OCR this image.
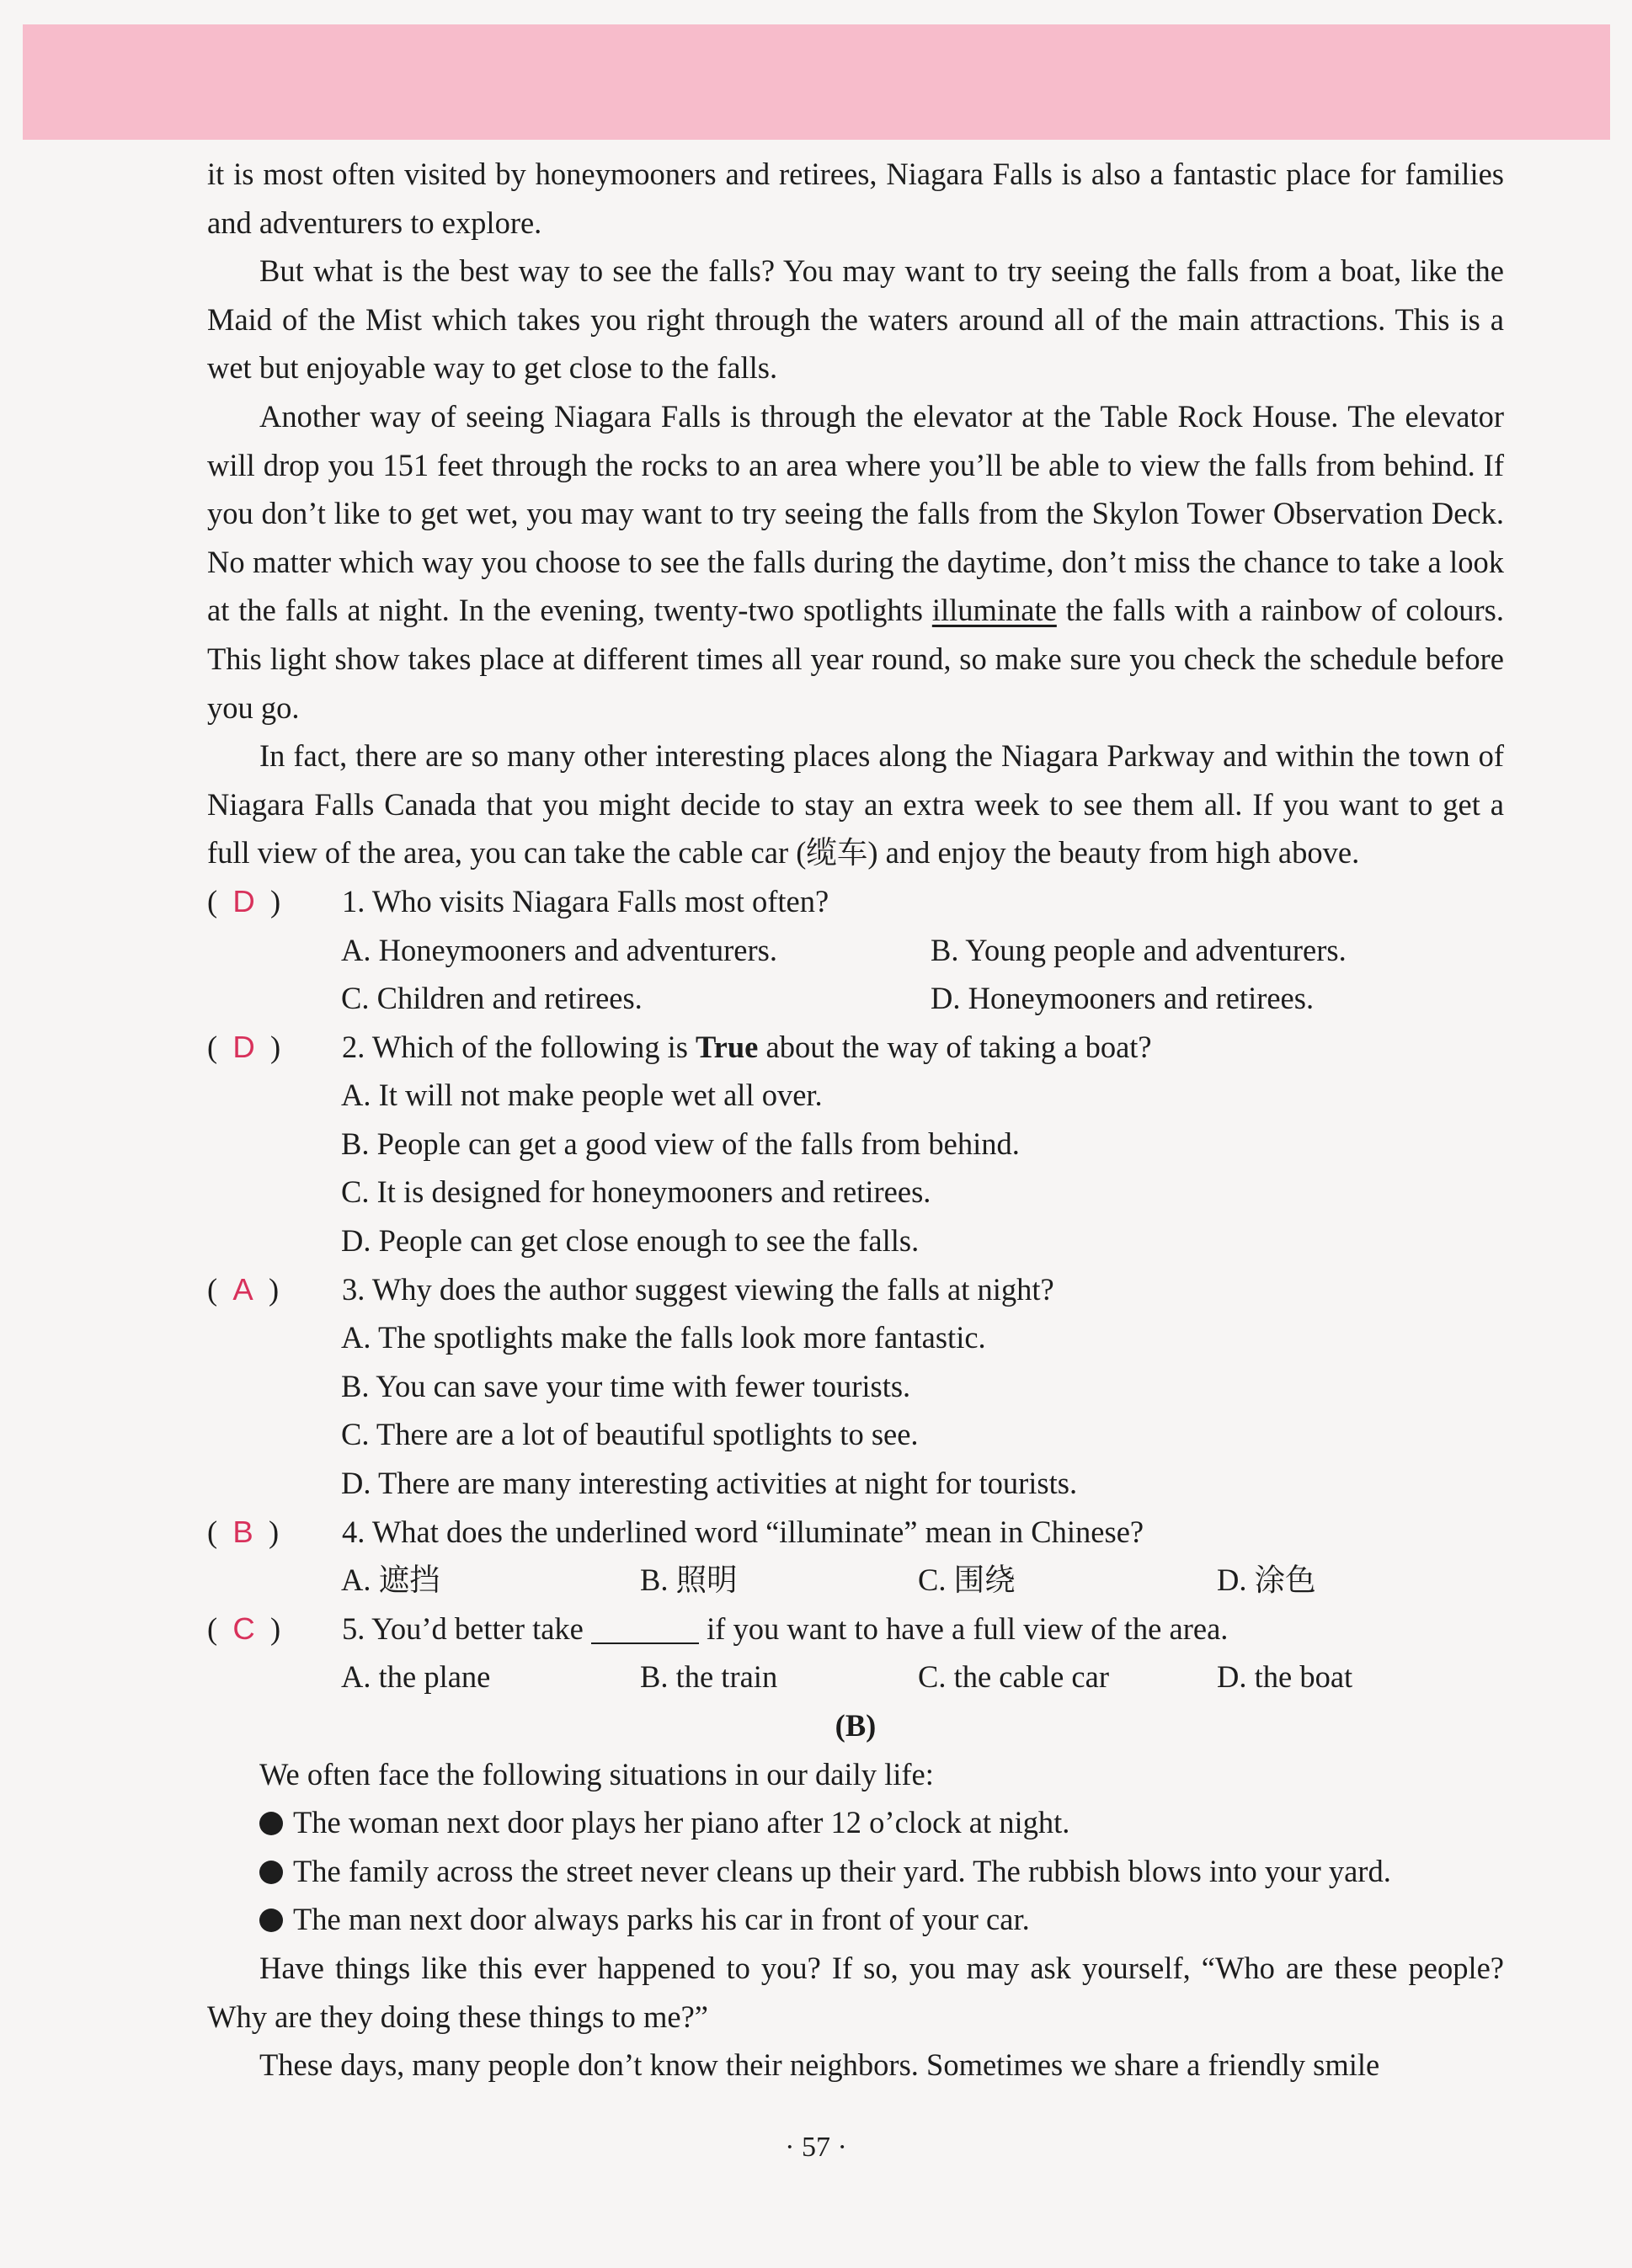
it is most often visited by honeymooners and retirees, Niagara Falls is also a fantastic place for families and adventurers to explore.

But what is the best way to see the falls? You may want to try seeing the falls from a boat, like the Maid of the Mist which takes you right through the waters around all of the main attractions. This is a wet but enjoyable way to get close to the falls.

Another way of seeing Niagara Falls is through the elevator at the Table Rock House. The elevator will drop you 151 feet through the rocks to an area where you’ll be able to view the falls from behind. If you don’t like to get wet, you may want to try seeing the falls from the Skylon Tower Observation Deck. No matter which way you choose to see the falls during the daytime, don’t miss the chance to take a look at the falls at night. In the evening, twenty-two spotlights illuminate the falls with a rainbow of colours. This light show takes place at different times all year round, so make sure you check the schedule before you go.

In fact, there are so many other interesting places along the Niagara Parkway and within the town of Niagara Falls Canada that you might decide to stay an extra week to see them all. If you want to get a full view of the area, you can take the cable car (缆车) and enjoy the beauty from high above.

(  D  ) 1. Who visits Niagara Falls most often?
A. Honeymooners and adventurers.	B. Young people and adventurers.
C. Children and retirees.	D. Honeymooners and retirees.
(  D  ) 2. Which of the following is True about the way of taking a boat?
A. It will not make people wet all over.
B. People can get a good view of the falls from behind.
C. It is designed for honeymooners and retirees.
D. People can get close enough to see the falls.
(  A  ) 3. Why does the author suggest viewing the falls at night?
A. The spotlights make the falls look more fantastic.
B. You can save your time with fewer tourists.
C. There are a lot of beautiful spotlights to see.
D. There are many interesting activities at night for tourists.
(  B  ) 4. What does the underlined word “illuminate” mean in Chinese?
A. 遮挡	B. 照明	C. 围绕	D. 涂色
(  C  ) 5. You’d better take	if you want to have a full view of the area.
A. the plane	B. the train	C. the cable car	D. the boat
(B)

We often face the following situations in our daily life:

The woman next door plays her piano after 12 o’clock at night.
The family across the street never cleans up their yard. The rubbish blows into your yard.
The man next door always parks his car in front of your car.

Have things like this ever happened to you? If so, you may ask yourself, “Who are these people? Why are they doing these things to me?”

These days, many people don’t know their neighbors. Sometimes we share a friendly smile

· 57 ·
